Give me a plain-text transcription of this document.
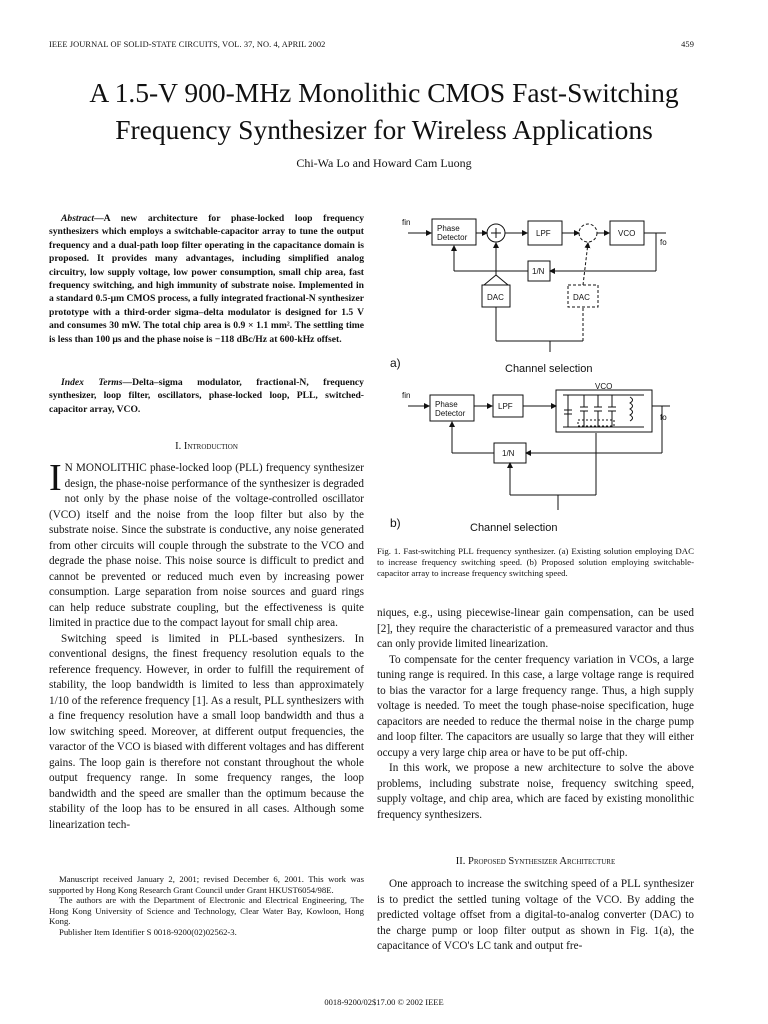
IEEE JOURNAL OF SOLID-STATE CIRCUITS, VOL. 37, NO. 4, APRIL 2002	459
A 1.5-V 900-MHz Monolithic CMOS Fast-Switching
Frequency Synthesizer for Wireless Applications
Chi-Wa Lo and Howard Cam Luong
Abstract—A new architecture for phase-locked loop frequency synthesizers which employs a switchable-capacitor array to tune the output frequency and a dual-path loop filter operating in the capacitance domain is proposed. It provides many advantages, including simplified analog circuitry, low supply voltage, low power consumption, small chip area, fast frequency switching, and high immunity of substrate noise. Implemented in a standard 0.5-μm CMOS process, a fully integrated fractional-N synthesizer prototype with a third-order sigma–delta modulator is designed for 1.5 V and consumes 30 mW. The total chip area is 0.9 × 1.1 mm². The settling time is less than 100 μs and the phase noise is −118 dBc/Hz at 600-kHz offset.
Index Terms—Delta–sigma modulator, fractional-N, frequency synthesizer, loop filter, oscillators, phase-locked loop, PLL, switched-capacitor array, VCO.
I. Introduction

I N MONOLITHIC phase-locked loop (PLL) frequency synthesizer design, the phase-noise performance of the synthesizer is degraded not only by the phase noise of the voltage-controlled oscillator (VCO) itself and the noise from the loop filter but also by the substrate noise. Since the substrate is conductive, any noise generated from other circuits will couple through the substrate to the VCO and degrade the phase noise. This noise source is difficult to predict and cannot be prevented or reduced much even by increasing power consumption. Large separation from noise sources and guard rings can help reduce substrate coupling, but the effectiveness is quite limited in practice due to the compact layout for small chip area.

Switching speed is limited in PLL-based synthesizers. In conventional designs, the finest frequency resolution equals to the reference frequency. However, in order to fulfill the requirement of stability, the loop bandwidth is limited to less than approximately 1/10 of the reference frequency [1]. As a result, PLL synthesizers with a fine frequency resolution have a small loop bandwidth and thus a low switching speed. Moreover, at different output frequencies, the varactor of the VCO is biased with different voltages and has different gains. The loop gain is therefore not constant throughout the whole output frequency range. In some frequency ranges, the loop bandwidth and the speed are smaller than the optimum because the stability of the loop has to be ensured in all cases. Although some linearization tech-

Manuscript received January 2, 2001; revised December 6, 2001. This work was supported by Hong Kong Research Grant Council under Grant HKUST6054/98E.

The authors are with the Department of Electronic and Electrical Engineering, The Hong Kong University of Science and Technology, Clear Water Bay, Kowloon, Hong Kong.

Publisher Item Identifier S 0018-9200(02)02562-3.

fin
Phase
Detector	LPF	VCO
fo
1/N
DAC	DAC
a)	Channel selection
fin
Phase
Detector
LPF
VCO
fo
1/N
b)	Channel selection
Fig. 1. Fast-switching PLL frequency synthesizer. (a) Existing solution employing DAC to increase frequency switching speed. (b) Proposed solution employing switchable-capacitor array to increase frequency switching speed.

niques, e.g., using piecewise-linear gain compensation, can be used [2], they require the characteristic of a premeasured varactor and thus can only provide limited linearization.

To compensate for the center frequency variation in VCOs, a large tuning range is required. In this case, a large voltage range is required to bias the varactor for a large frequency range. Thus, a high supply voltage is needed. To meet the tough phase-noise specification, huge capacitors are needed to reduce the thermal noise in the charge pump and loop filter. The capacitors are usually so large that they will either occupy a very large chip area or have to be put off-chip.

In this work, we propose a new architecture to solve the above problems, including substrate noise, frequency switching speed, supply voltage, and chip area, which are faced by existing monolithic frequency synthesizers.

II. Proposed Synthesizer Architecture

One approach to increase the switching speed of a PLL synthesizer is to predict the settled tuning voltage of the VCO. By adding the predicted voltage offset from a digital-to-analog converter (DAC) to the charge pump or loop filter output as shown in Fig. 1(a), the capacitance of VCO's LC tank and output fre-

0018-9200/02$17.00 © 2002 IEEE
